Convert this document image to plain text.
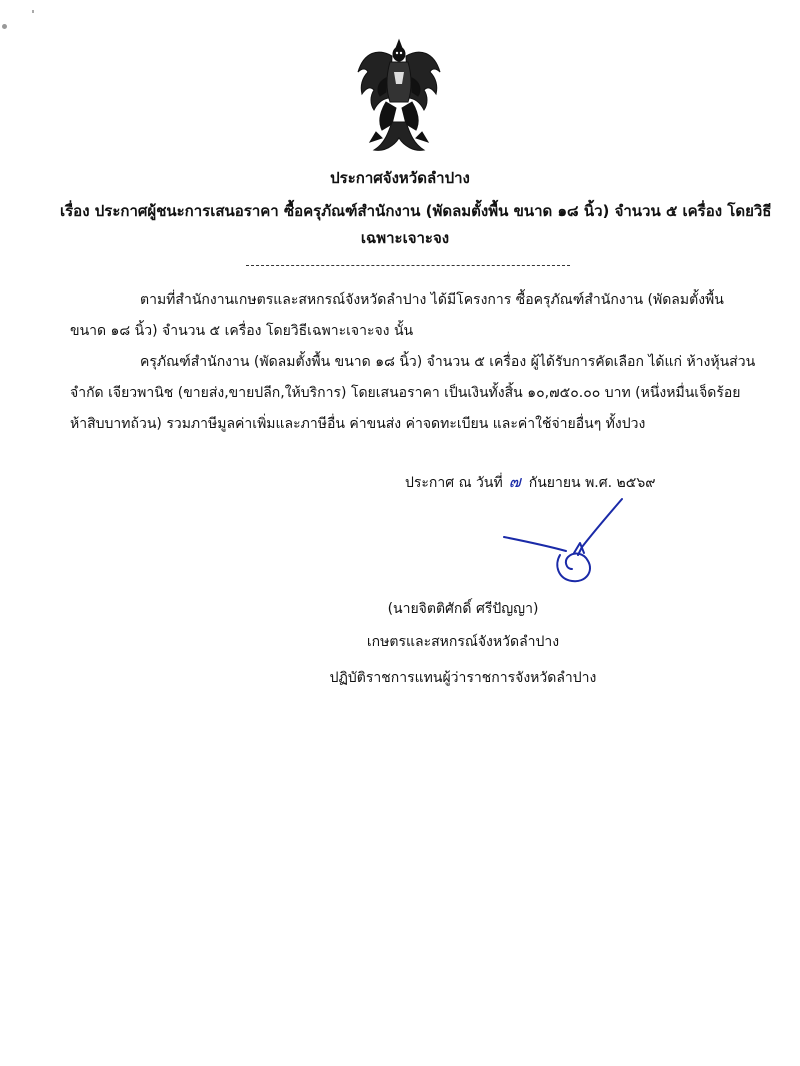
ประกาศจังหวัดลำปาง
เรื่อง ประกาศผู้ชนะการเสนอราคา ซื้อครุภัณฑ์สำนักงาน (พัดลมตั้งพื้น ขนาด ๑๘ นิ้ว) จำนวน ๕ เครื่อง โดยวิธี
เฉพาะเจาะจง
ตามที่สำนักงานเกษตรและสหกรณ์จังหวัดลำปาง ได้มีโครงการ ซื้อครุภัณฑ์สำนักงาน (พัดลมตั้งพื้น
ขนาด ๑๘ นิ้ว) จำนวน ๕ เครื่อง โดยวิธีเฉพาะเจาะจง นั้น
ครุภัณฑ์สำนักงาน (พัดลมตั้งพื้น ขนาด ๑๘ นิ้ว) จำนวน ๕ เครื่อง ผู้ได้รับการคัดเลือก ได้แก่ ห้างหุ้นส่วน
จำกัด เจียวพานิช (ขายส่ง,ขายปลีก,ให้บริการ) โดยเสนอราคา เป็นเงินทั้งสิ้น ๑๐,๗๕๐.๐๐ บาท (หนึ่งหมื่นเจ็ดร้อย
ห้าสิบบาทถ้วน) รวมภาษีมูลค่าเพิ่มและภาษีอื่น ค่าขนส่ง ค่าจดทะเบียน และค่าใช้จ่ายอื่นๆ ทั้งปวง
ประกาศ ณ วันที่ ๗ กันยายน พ.ศ. ๒๕๖๙
(นายจิตติศักดิ์ ศรีปัญญา)
เกษตรและสหกรณ์จังหวัดลำปาง
ปฏิบัติราชการแทนผู้ว่าราชการจังหวัดลำปาง
